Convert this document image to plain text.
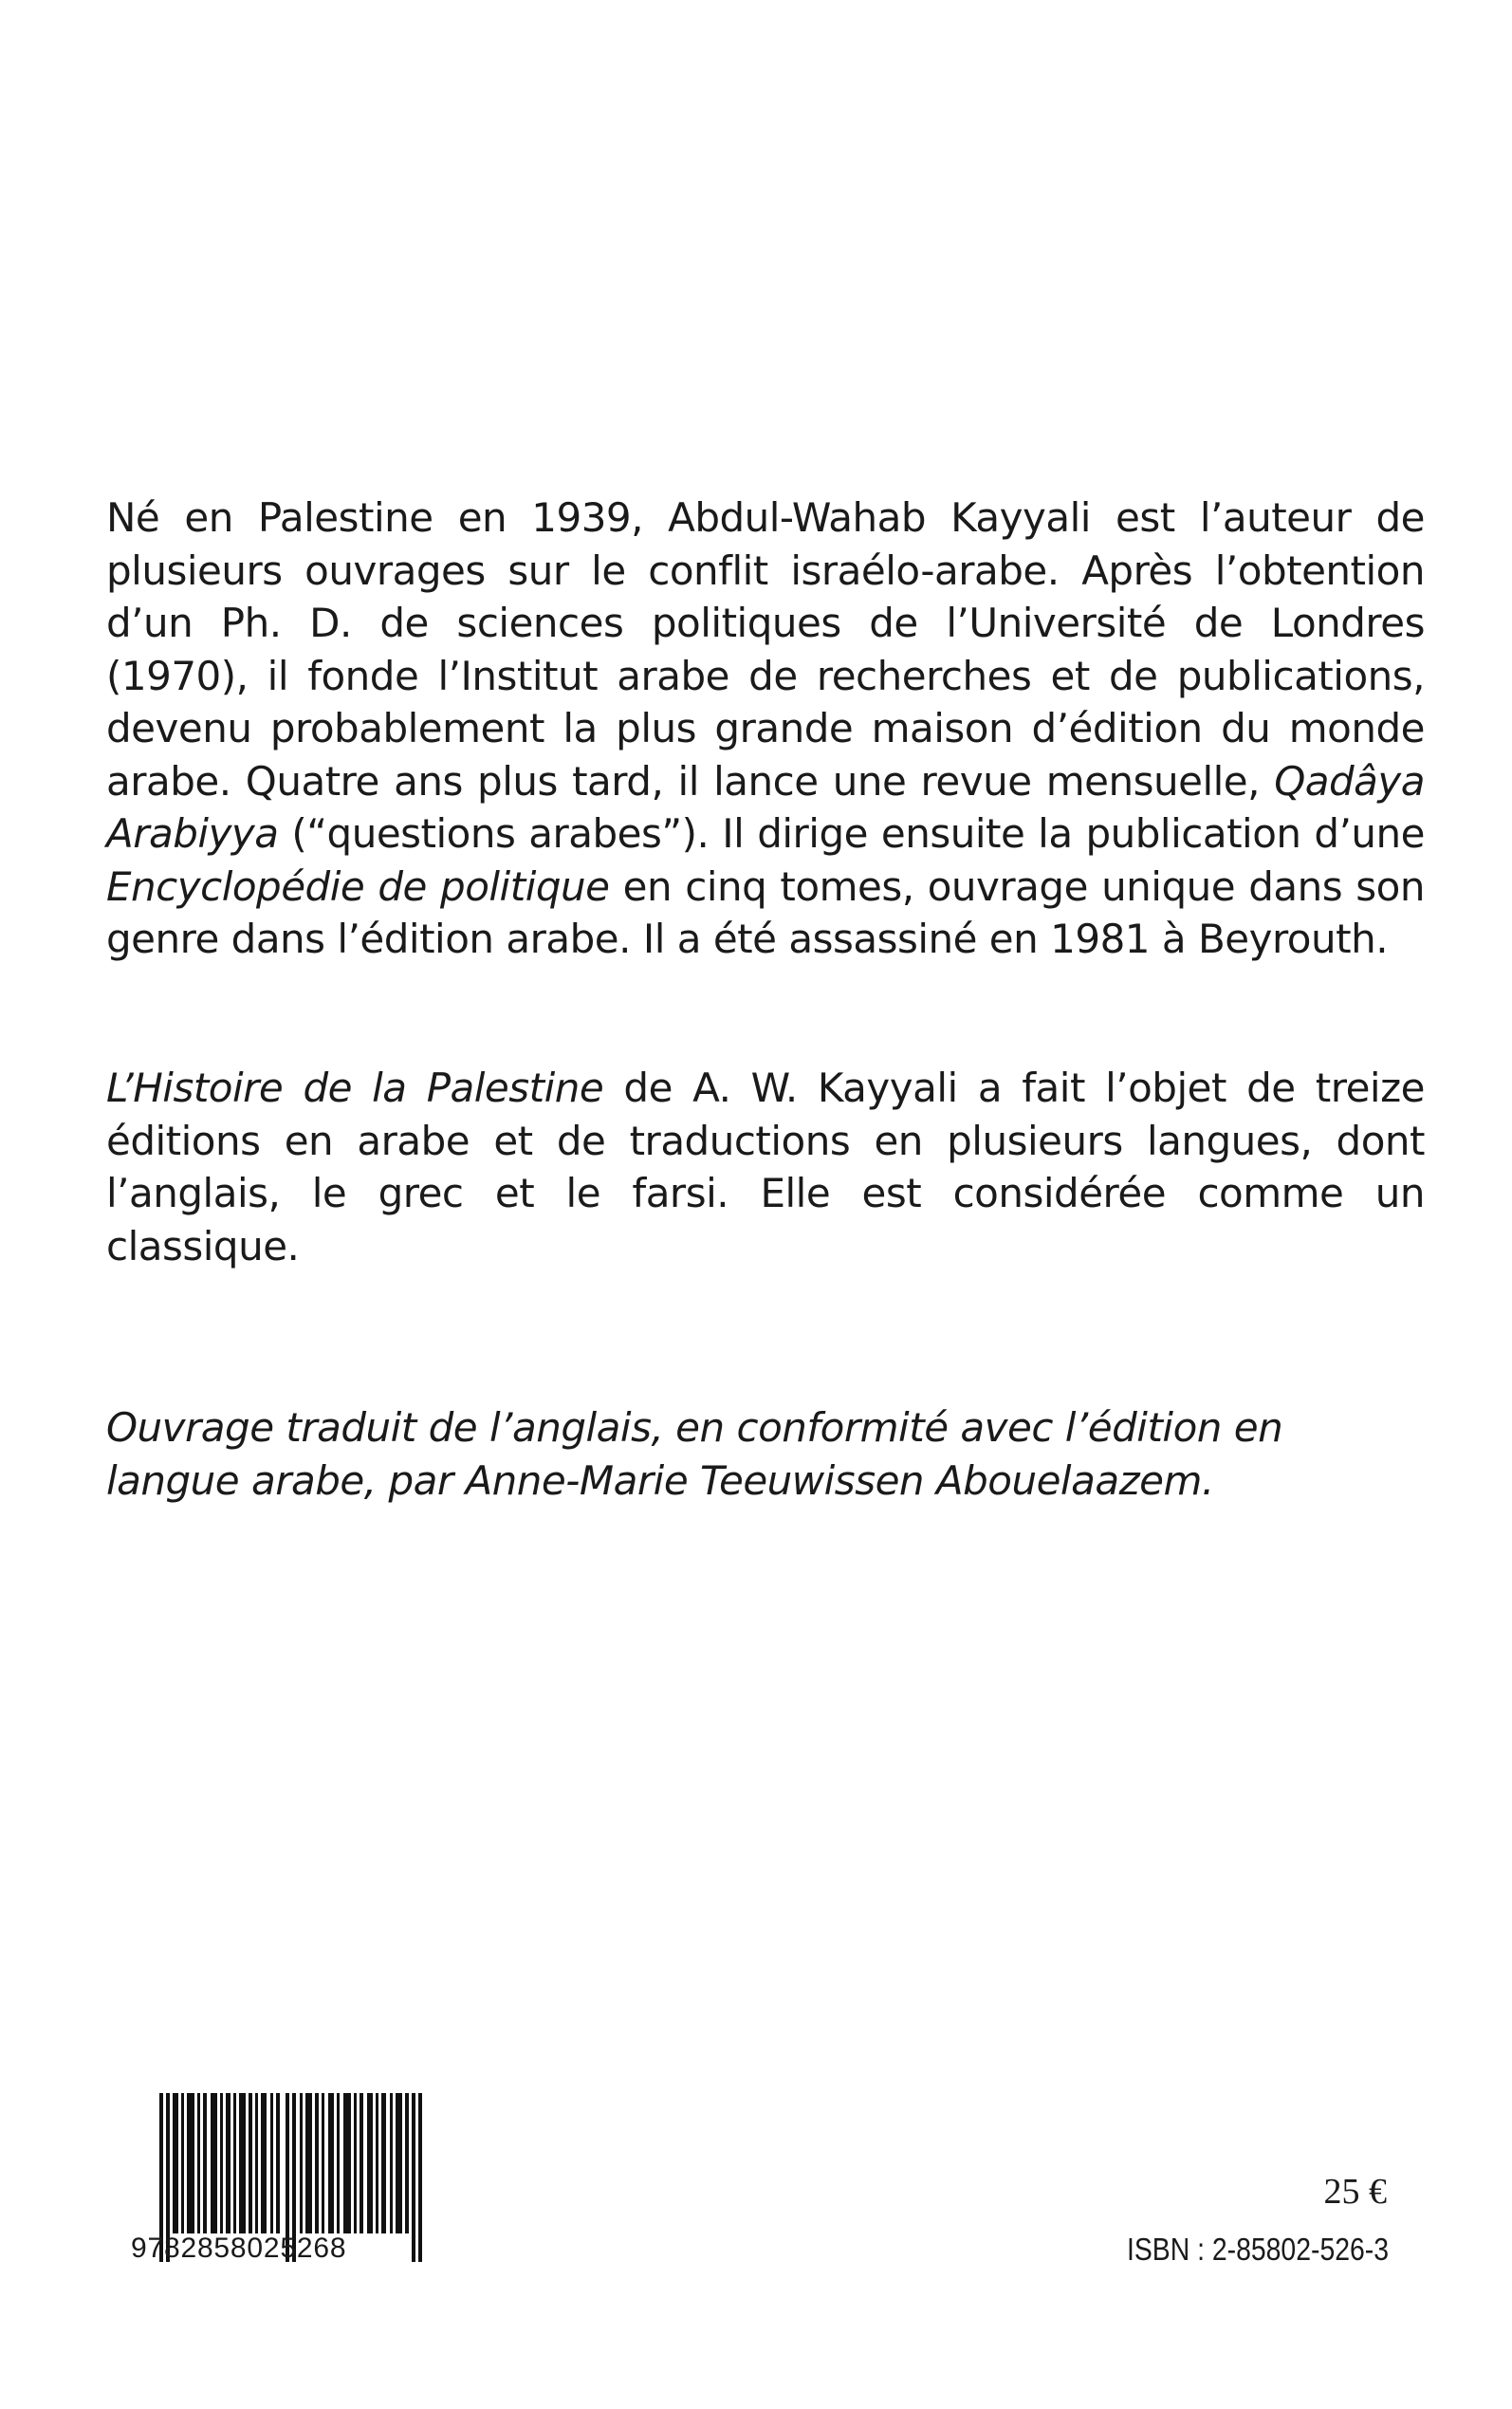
Né en Palestine en 1939, Abdul-Wahab Kayyali est l’auteur de plusieurs ouvrages sur le conflit israélo-arabe. Après l’obtention d’un Ph. D. de sciences politiques de l’Université de Londres (1970), il fonde l’Institut arabe de recherches et de publications, devenu probablement la plus grande maison d’édition du monde arabe. Quatre ans plus tard, il lance une revue mensuelle, Qadâya Arabiyya (“questions arabes”). Il dirige ensuite la publication d’une Encyclopédie de politique en cinq tomes, ouvrage unique dans son genre dans l’édition arabe. Il a été assassiné en 1981 à Beyrouth.

L’Histoire de la Palestine de A. W. Kayyali a fait l’objet de treize éditions en arabe et de traductions en plusieurs langues, dont l’anglais, le grec et le farsi. Elle est considérée comme un classique.

Ouvrage traduit de l’anglais, en conformité avec l’édition en langue arabe, par Anne-Marie Teeuwissen Abouelaazem.

9782858025268
25 €
ISBN : 2-85802-526-3
